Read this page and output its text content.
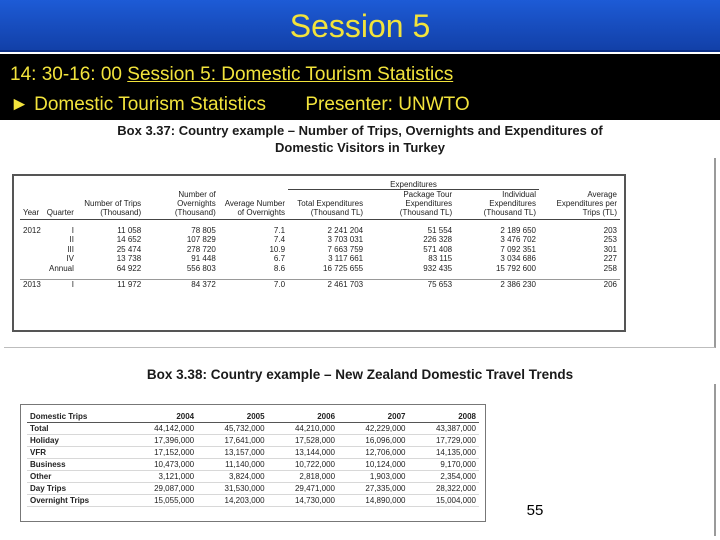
Session 5
14: 30-16: 00 Session 5: Domestic Tourism Statistics
► Domestic Tourism Statistics Presenter: UNWTO
Box 3.37: Country example – Number of Trips, Overnights and Expenditures of
Domestic Visitors in Turkey
					Expenditures			
Year	Quarter	Number of Trips (Thousand)	Number of Overnights (Thousand)	Average Number of Overnights	Total Expenditures (Thousand TL)	Package Tour Expenditures (Thousand TL)	Individual Expenditures (Thousand TL)	Average Expenditures per Trips (TL)

2012	I	11 058	78 805	7.1	2 241 204	51 554	2 189 650	203
	II	14 652	107 829	7.4	3 703 031	226 328	3 476 702	253
	III	25 474	278 720	10.9	7 663 759	571 408	7 092 351	301
	IV	13 738	91 448	6.7	3 117 661	83 115	3 034 686	227
	Annual	64 922	556 803	8.6	16 725 655	932 435	15 792 600	258

2013	I	11 972	84 372	7.0	2 461 703	75 653	2 386 230	206
Box 3.38: Country example – New Zealand Domestic Travel Trends
Domestic Trips	2004	2005	2006	2007	2008
Total	44,142,000	45,732,000	44,210,000	42,229,000	43,387,000
Holiday	17,396,000	17,641,000	17,528,000	16,096,000	17,729,000
VFR	17,152,000	13,157,000	13,144,000	12,706,000	14,135,000
Business	10,473,000	11,140,000	10,722,000	10,124,000	9,170,000
Other	3,121,000	3,824,000	2,818,000	1,903,000	2,354,000
Day Trips	29,087,000	31,530,000	29,471,000	27,335,000	28,322,000
Overnight Trips	15,055,000	14,203,000	14,730,000	14,890,000	15,004,000
55
